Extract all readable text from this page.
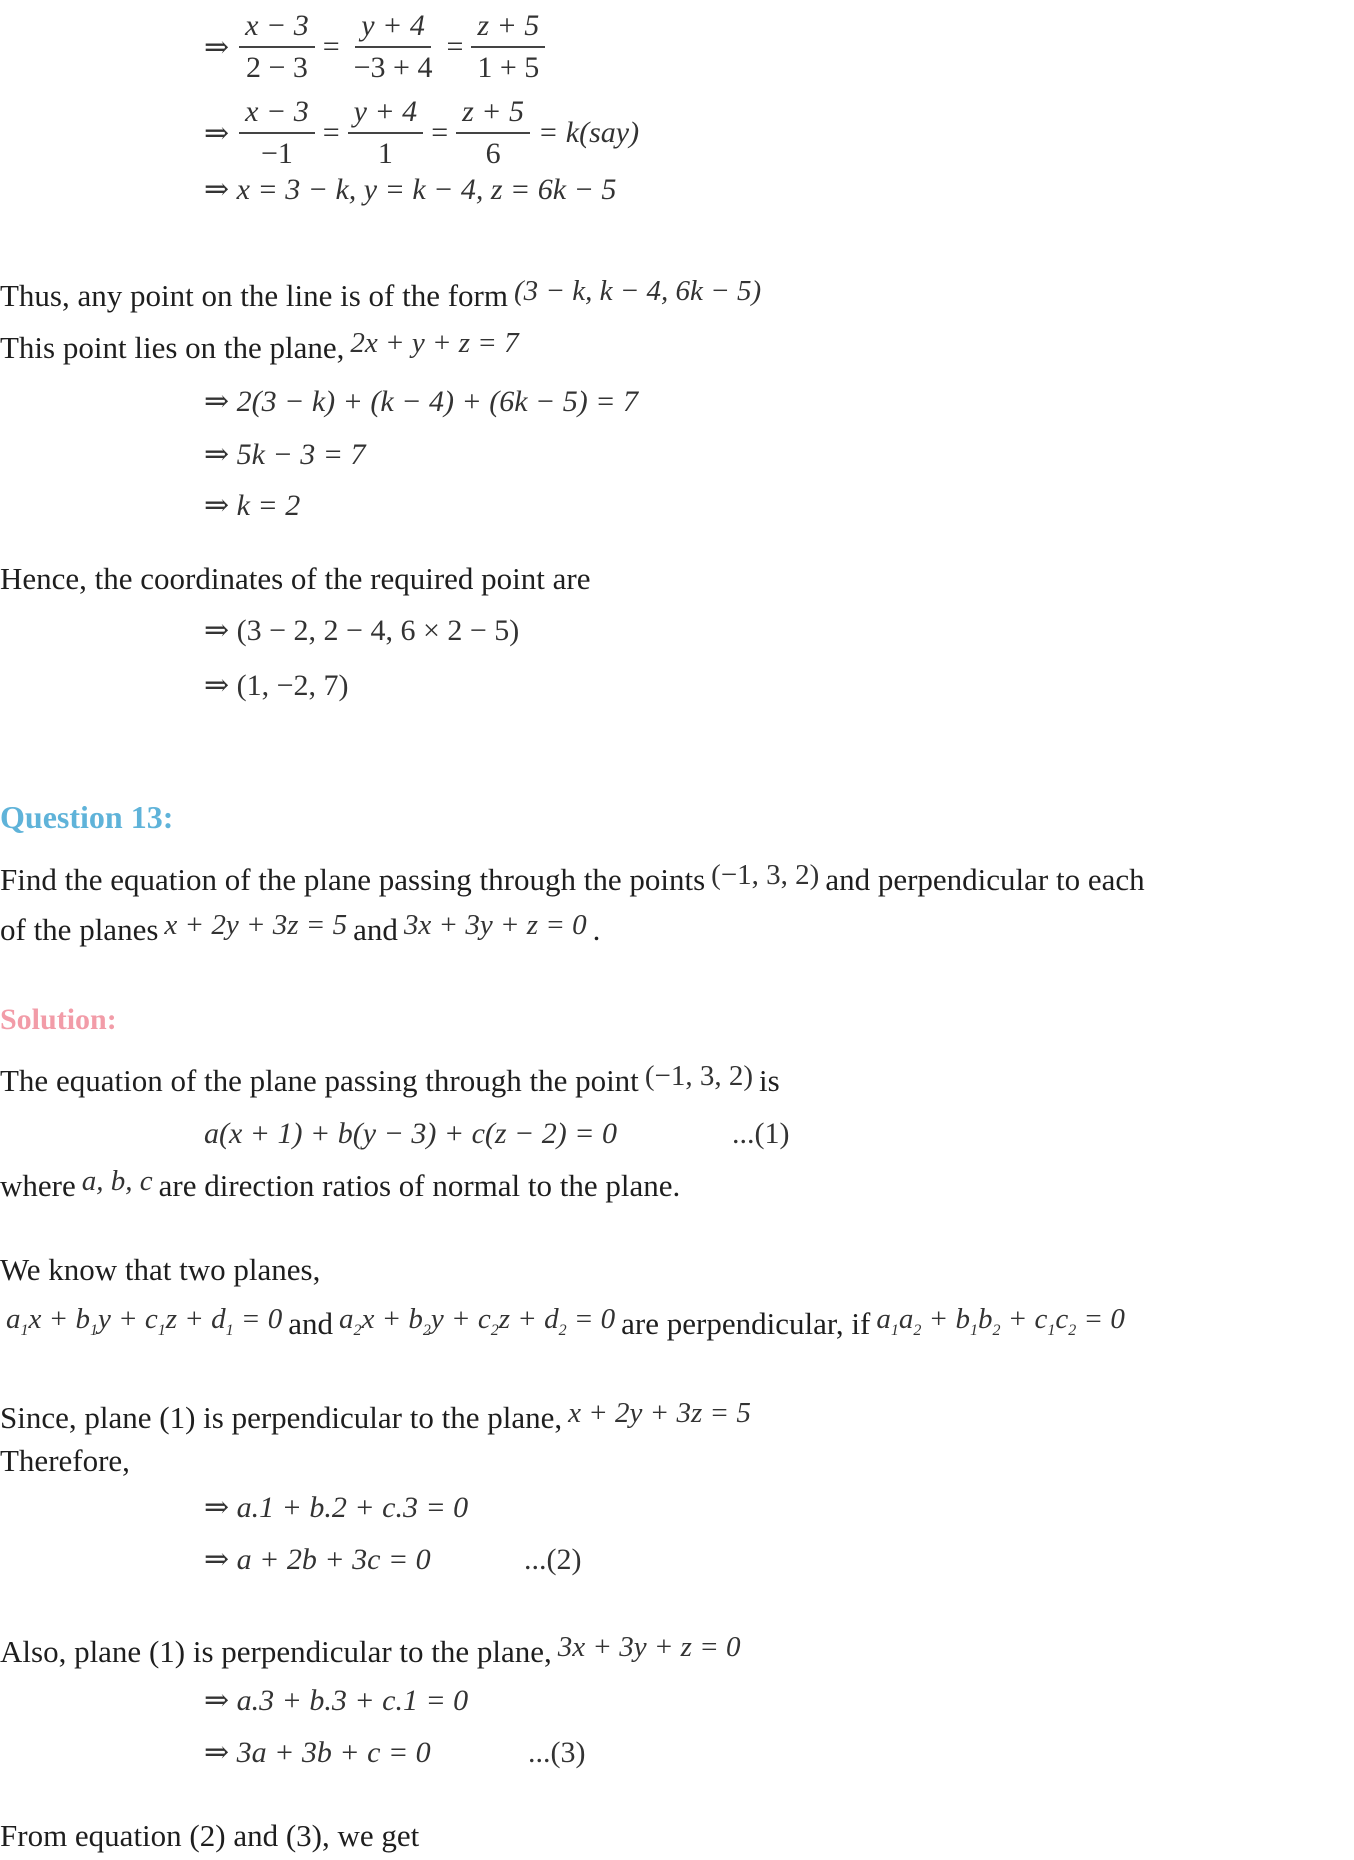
⇒ $\frac{x - 3}{2 - 3} = \frac{y + 4}{-3 + 4} = \frac{z + 5}{1 + 5}$
⇒ $\frac{x - 3}{-1} = \frac{y + 4}{1} = \frac{z + 5}{6} = k(say)$
⇒ x = 3 − k, y = k − 4, z = 6k − 5
Thus, any point on the line is of the form (3 − k, k − 4, 6k − 5)
This point lies on the plane, 2x + y + z = 7
⇒ 2(3 − k) + (k − 4) + (6k − 5) = 7
⇒ 5k − 3 = 7
⇒ k = 2
Hence, the coordinates of the required point are
⇒ (3 − 2, 2 − 4, 6 × 2 − 5)
⇒ (1, −2, 7)
Question 13:
Find the equation of the plane passing through the points (−1, 3, 2) and perpendicular to each
of the planes x + 2y + 3z = 5 and 3x + 3y + z = 0 .
Solution:
The equation of the plane passing through the point (−1, 3, 2) is
a(x + 1) + b(y − 3) + c(z − 2) = 0	...(1)
where a, b, c are direction ratios of normal to the plane.
We know that two planes,
$a_1x + b_1y + c_1z + d_1 = 0$ and $a_2x + b_2y + c_2z + d_2 = 0$ are perpendicular, if $a_1a_2 + b_1b_2 + c_1c_2 = 0$
Since, plane (1) is perpendicular to the plane, x + 2y + 3z = 5
Therefore,
⇒ a.1 + b.2 + c.3 = 0
⇒ a + 2b + 3c = 0	...(2)
Also, plane (1) is perpendicular to the plane, 3x + 3y + z = 0
⇒ a.3 + b.3 + c.1 = 0
⇒ 3a + 3b + c = 0	...(3)
From equation (2) and (3), we get
